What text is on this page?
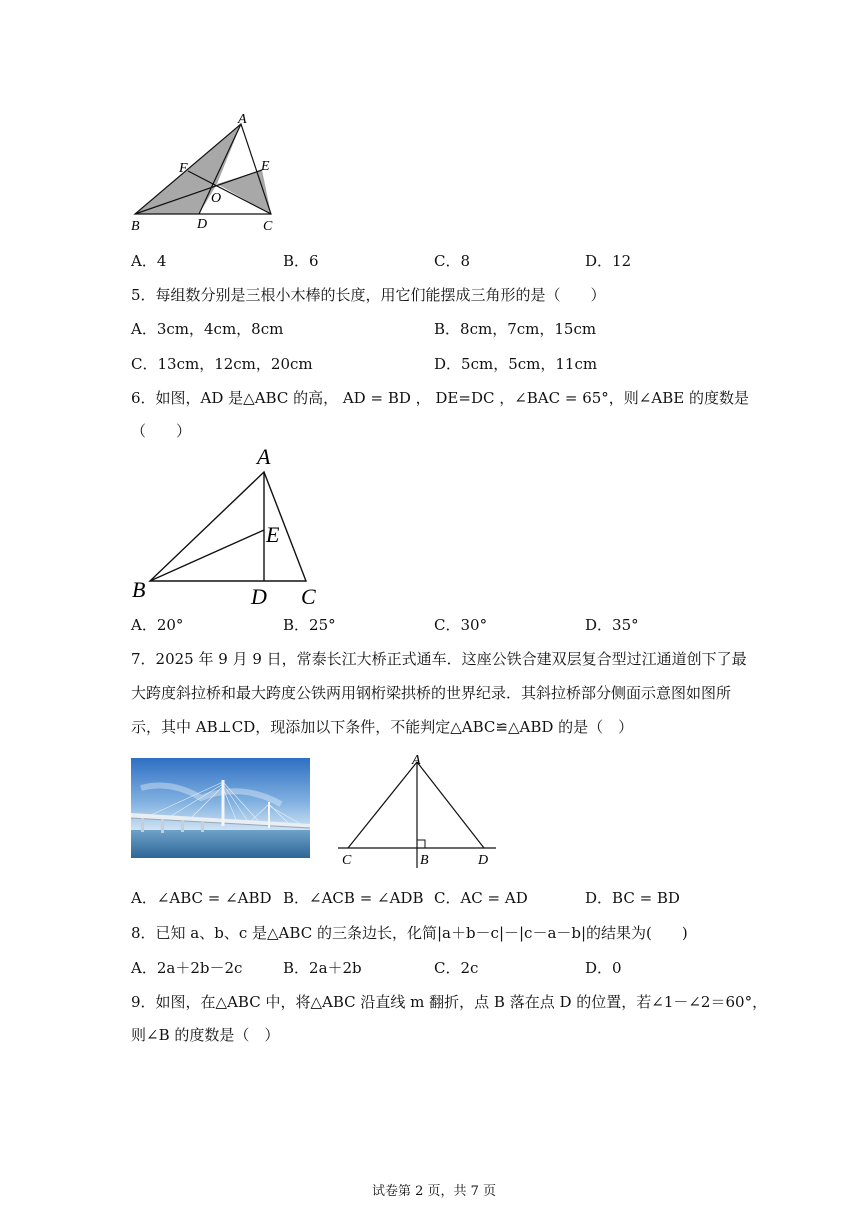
A
F	E
O
B	D	C
A．4	B．6	C．8	D．12
5．每组数分别是三根小木棒的长度，用它们能摆成三角形的是（　　）
A．3cm，4cm，8cm	B．8cm，7cm，15cm
C．13cm，12cm，20cm	D．5cm，5cm，11cm
6．如图，AD 是△ABC 的高， AD = BD ， DE=DC ，∠BAC = 65°，则∠ABE 的度数是
（　　）
A
E
B	D C
A．20°	B．25°	C．30°	D．35°
7．2025 年 9 月 9 日，常泰长江大桥正式通车．这座公铁合建双层复合型过江通道创下了最
大跨度斜拉桥和最大跨度公铁两用钢桁梁拱桥的世界纪录．其斜拉桥部分侧面示意图如图所
示，其中 AB⊥CD，现添加以下条件，不能判定△ABC≌△ABD 的是（　）
A
C	B	D
A．∠ABC = ∠ABD B．∠ACB = ∠ADB C．AC = AD	D．BC = BD
8．已知 a、b、c 是△ABC 的三条边长，化简|a＋b－c|－|c－a－b|的结果为(　　)
A．2a＋2b－2c	B．2a＋2b	C．2c	D．0
9．如图，在△ABC 中，将△ABC 沿直线 m 翻折，点 B 落在点 D 的位置，若∠1－∠2＝60°，
则∠B 的度数是（　）
试卷第 2 页，共 7 页
